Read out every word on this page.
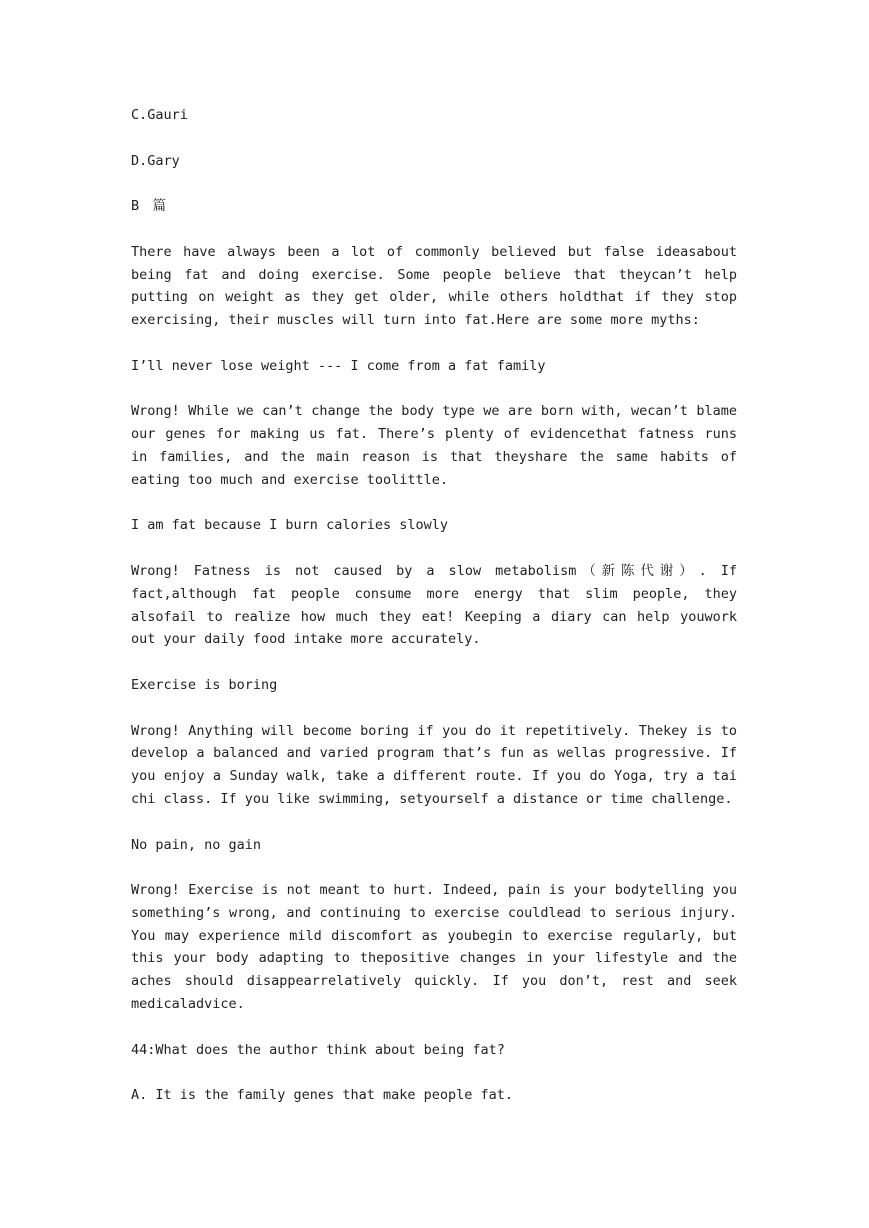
C.Gauri

D.Gary

B　篇

There have always been a lot of commonly believed but false ideasabout being fat and doing exercise. Some people believe that theycan’t help putting on weight as they get older, while others holdthat if they stop exercising, their muscles will turn into fat.Here are some more myths:

I’ll never lose weight --- I come from a fat family

Wrong! While we can’t change the body type we are born with, wecan’t blame our genes for making us fat. There’s plenty of evidencethat fatness runs in families, and the main reason is that theyshare the same habits of eating too much and exercise toolittle.

I am fat because I burn calories slowly

Wrong! Fatness is not caused by a slow metabolism（新陈代谢）. If fact,although fat people consume more energy that slim people, they alsofail to realize how much they eat! Keeping a diary can help youwork out your daily food intake more accurately.

Exercise is boring

Wrong! Anything will become boring if you do it repetitively. Thekey is to develop a balanced and varied program that’s fun as wellas progressive. If you enjoy a Sunday walk, take a different route. If you do Yoga, try a tai chi class. If you like swimming, setyourself a distance or time challenge.

No pain, no gain

Wrong! Exercise is not meant to hurt. Indeed, pain is your bodytelling you something’s wrong, and continuing to exercise couldlead to serious injury. You may experience mild discomfort as youbegin to exercise regularly, but this your body adapting to thepositive changes in your lifestyle and the aches should disappearrelatively quickly. If you don’t, rest and seek medicaladvice.

44:What does the author think about being fat?

A. It is the family genes that make people fat.
